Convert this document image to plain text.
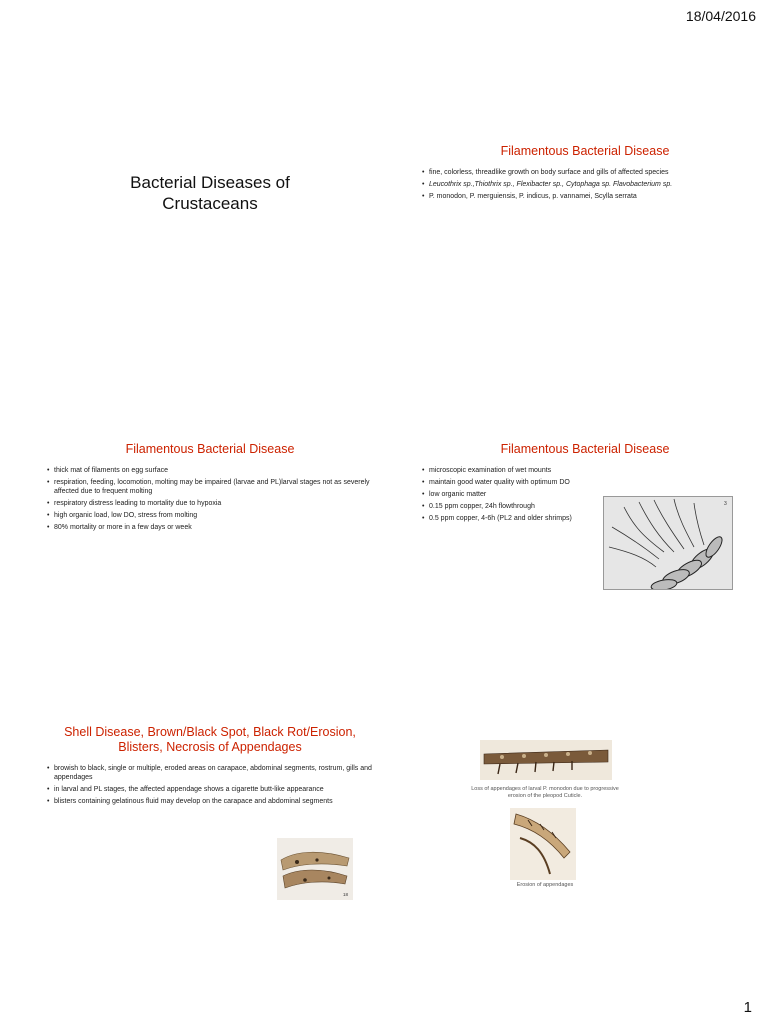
18/04/2016
Bacterial Diseases of
Crustaceans
Filamentous Bacterial Disease
• fine, colorless, threadlike growth on body surface and gills of affected species
• Leucothrix sp.,Thiothrix sp., Flexibacter sp., Cytophaga sp. Flavobacterium sp.
• P. monodon, P. merguiensis, P. indicus, p. vannamei, Scylla serrata
Filamentous Bacterial Disease
• thick mat of filaments on egg surface
• respiration, feeding, locomotion, molting may be impaired (larvae and PL)larval stages not as severely affected due to frequent molting
• respiratory distress leading to mortality due to hypoxia
• high organic load, low DO, stress from molting
• 80% mortality or more in a few days or week
Filamentous Bacterial Disease
• microscopic examination of wet mounts
• maintain good water quality with optimum DO
• low organic matter
• 0.15 ppm copper, 24h flowthrough
• 0.5 ppm copper, 4-6h (PL2 and older shrimps)
3
Shell Disease, Brown/Black Spot, Black Rot/Erosion,
Blisters, Necrosis of Appendages
• browish to black, single or multiple, eroded areas on carapace, abdominal segments, rostrum, gills and appendages
• in larval and PL stages, the affected appendage shows a cigarette butt-like appearance
• blisters containing gelatinous fluid may develop on the carapace and abdominal segments
18
Loss of appendages of larval P. monodon due to progressive
erosion of the pleopod Cuticle.
Erosion of appendages
1
